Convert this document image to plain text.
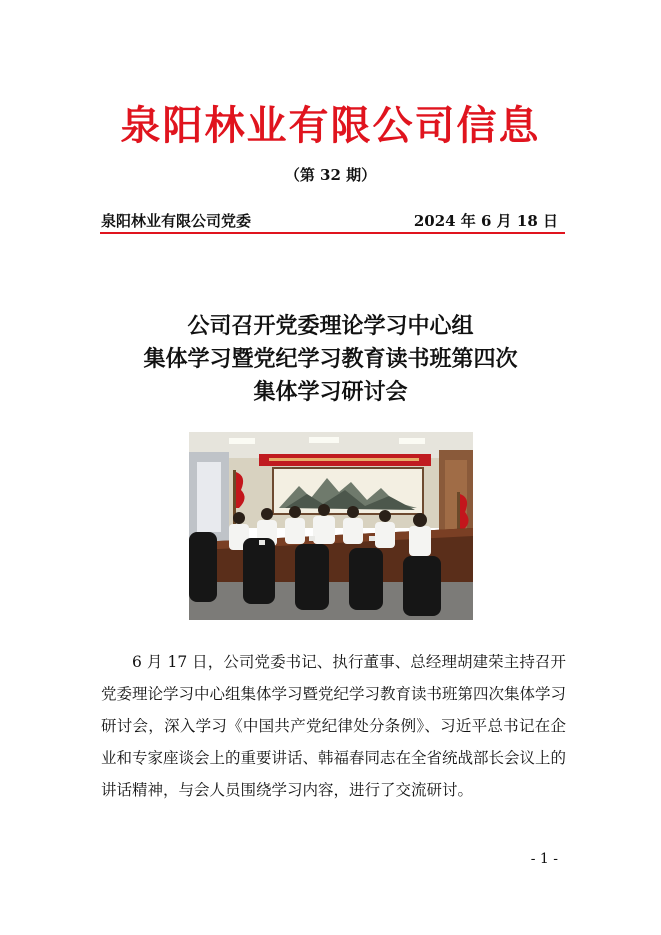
泉阳林业有限公司信息
（第 32 期）
泉阳林业有限公司党委	2024 年 6 月 18 日
公司召开党委理论学习中心组
集体学习暨党纪学习教育读书班第四次
集体学习研讨会
6 月 17 日，公司党委书记、执行董事、总经理胡建荣主持召开党委理论学习中心组集体学习暨党纪学习教育读书班第四次集体学习研讨会，深入学习《中国共产党纪律处分条例》、习近平总书记在企业和专家座谈会上的重要讲话、韩福春同志在全省统战部长会议上的讲话精神，与会人员围绕学习内容，进行了交流研讨。
- 1 -
